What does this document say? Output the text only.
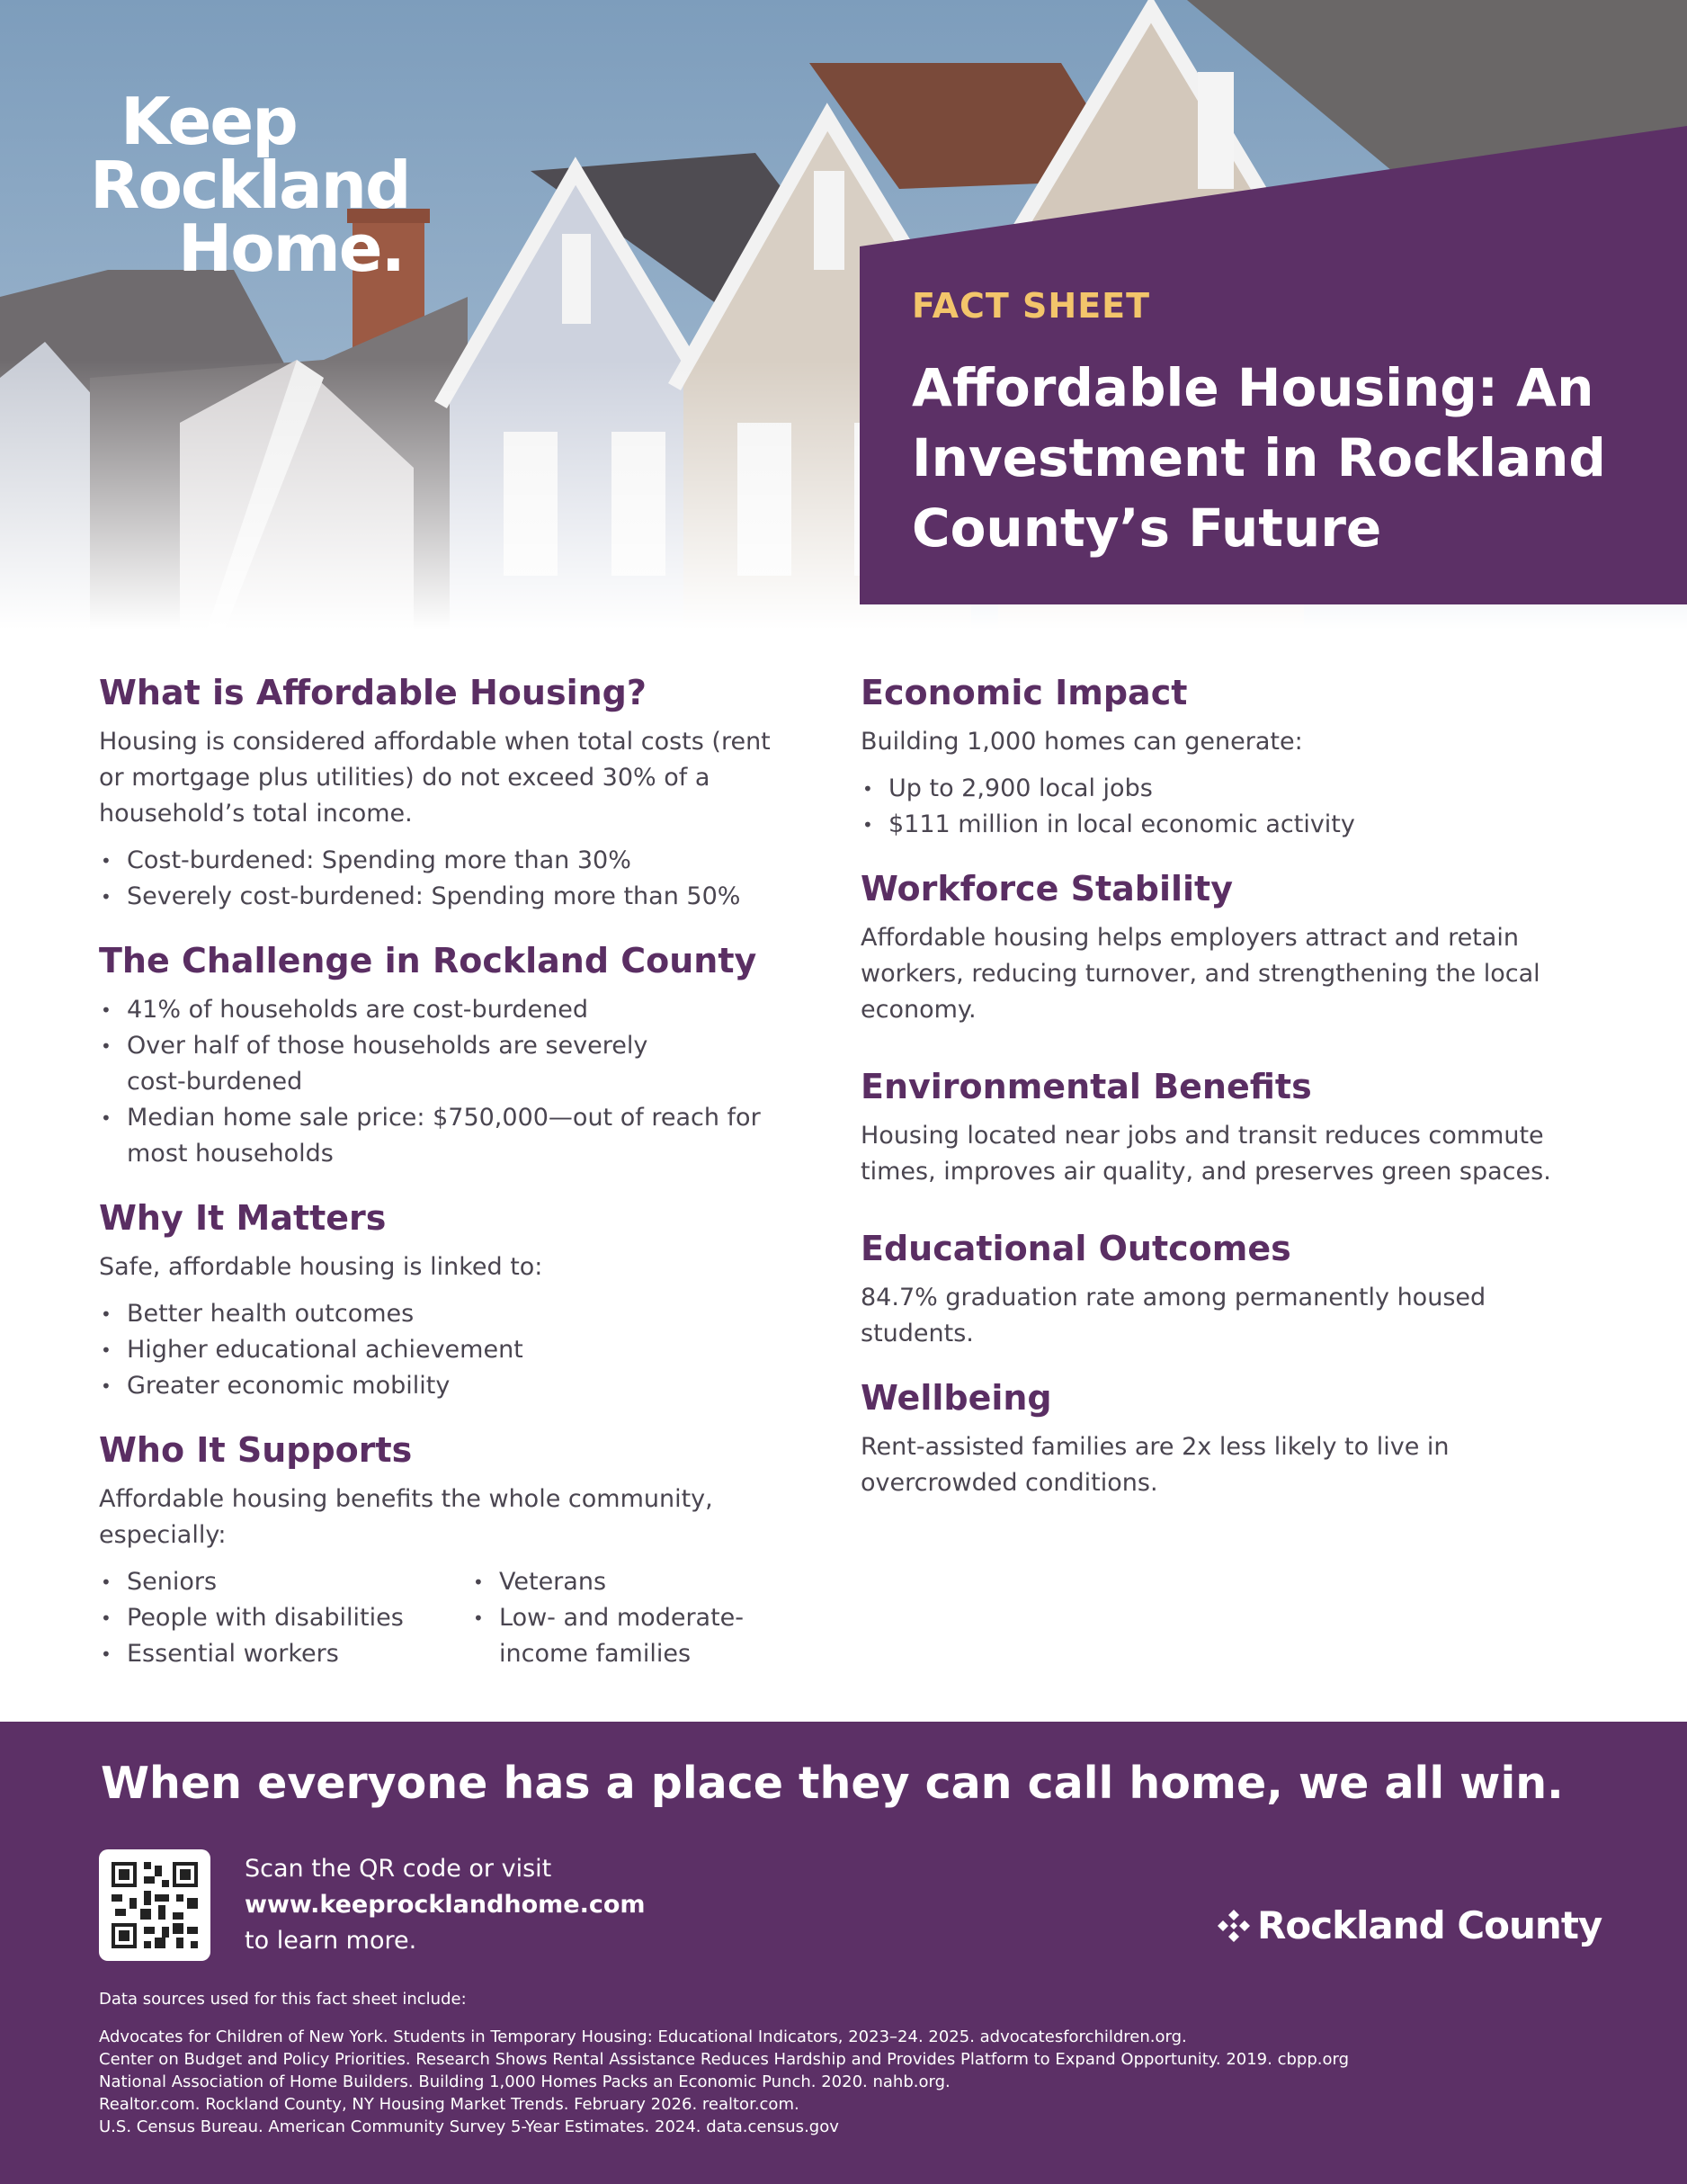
Keep
Rockland
Home.
FACT SHEET
Affordable Housing: An Investment in Rockland County’s Future
What is Affordable Housing?

Housing is considered affordable when total costs (rent or mortgage plus utilities) do not exceed 30% of a household’s total income.

• Cost-burdened: Spending more than 30%
• Severely cost-burdened: Spending more than 50%
The Challenge in Rockland County
• 41% of households are cost-burdened
• Over half of those households are severely cost-burdened
• Median home sale price: $750,000—out of reach for most households
Why It Matters

Safe, affordable housing is linked to:

• Better health outcomes
• Higher educational achievement
• Greater economic mobility
Who It Supports

Affordable housing benefits the whole community, especially:

• Seniors
• People with disabilities
• Essential workers
• Veterans
• Low- and moderate-income families
Economic Impact

Building 1,000 homes can generate:

• Up to 2,900 local jobs
• $111 million in local economic activity
Workforce Stability

Affordable housing helps employers attract and retain workers, reducing turnover, and strengthening the local economy.

Environmental Benefits

Housing located near jobs and transit reduces commute times, improves air quality, and preserves green spaces.

Educational Outcomes

84.7% graduation rate among permanently housed students.

Wellbeing

Rent-assisted families are 2x less likely to live in overcrowded conditions.

When everyone has a place they can call home, we all win.
Scan the QR code or visit
www.keeprocklandhome.com
to learn more.	Rockland County
Data sources used for this fact sheet include:
Advocates for Children of New York. Students in Temporary Housing: Educational Indicators, 2023–24. 2025. advocatesforchildren.org.
Center on Budget and Policy Priorities. Research Shows Rental Assistance Reduces Hardship and Provides Platform to Expand Opportunity. 2019. cbpp.org
National Association of Home Builders. Building 1,000 Homes Packs an Economic Punch. 2020. nahb.org.
Realtor.com. Rockland County, NY Housing Market Trends. February 2026. realtor.com.
U.S. Census Bureau. American Community Survey 5-Year Estimates. 2024. data.census.gov
